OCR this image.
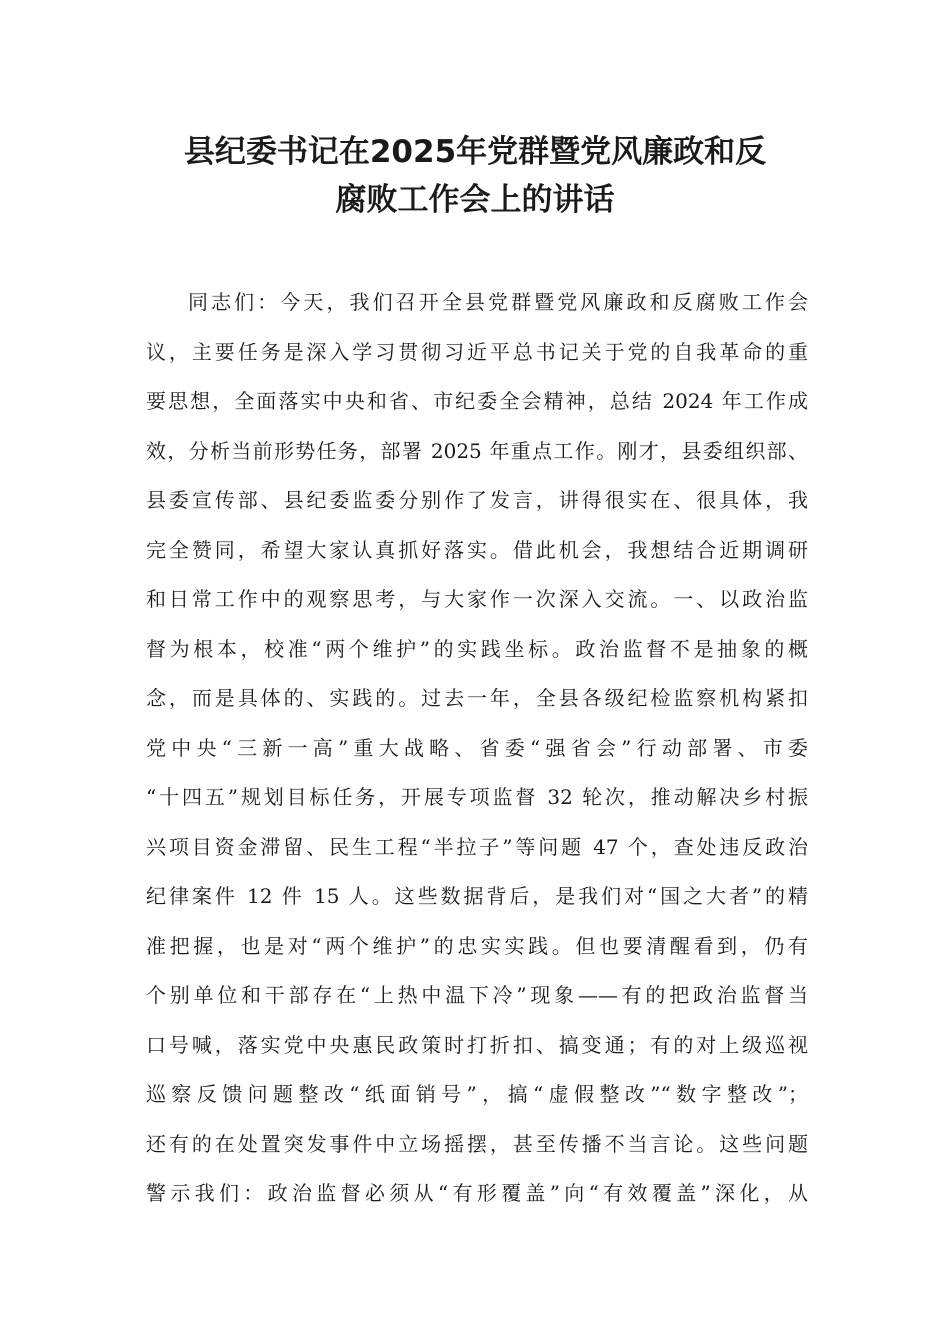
县纪委书记在2025年党群暨党风廉政和反
腐败工作会上的讲话
同志们：今天，我们召开全县党群暨党风廉政和反腐败工作会
议，主要任务是深入学习贯彻习近平总书记关于党的自我革命的重
要思想，全面落实中央和省、市纪委全会精神，总结 2024 年工作成
效，分析当前形势任务，部署 2025 年重点工作。刚才，县委组织部、
县委宣传部、县纪委监委分别作了发言，讲得很实在、很具体，我
完全赞同，希望大家认真抓好落实。借此机会，我想结合近期调研
和日常工作中的观察思考，与大家作一次深入交流。一、以政治监
督为根本，校准“两个维护”的实践坐标。政治监督不是抽象的概
念，而是具体的、实践的。过去一年，全县各级纪检监察机构紧扣
党中央“三新一高”重大战略、省委“强省会”行动部署、市委
“十四五”规划目标任务，开展专项监督 32 轮次，推动解决乡村振
兴项目资金滞留、民生工程“半拉子”等问题 47 个，查处违反政治
纪律案件 12 件 15 人。这些数据背后，是我们对“国之大者”的精
准把握，也是对“两个维护”的忠实实践。但也要清醒看到，仍有
个别单位和干部存在“上热中温下冷”现象——有的把政治监督当
口号喊，落实党中央惠民政策时打折扣、搞变通；有的对上级巡视
巡察反馈问题整改“纸面销号”，搞“虚假整改”“数字整改”；
还有的在处置突发事件中立场摇摆，甚至传播不当言论。这些问题
警示我们：政治监督必须从“有形覆盖”向“有效覆盖”深化，从
